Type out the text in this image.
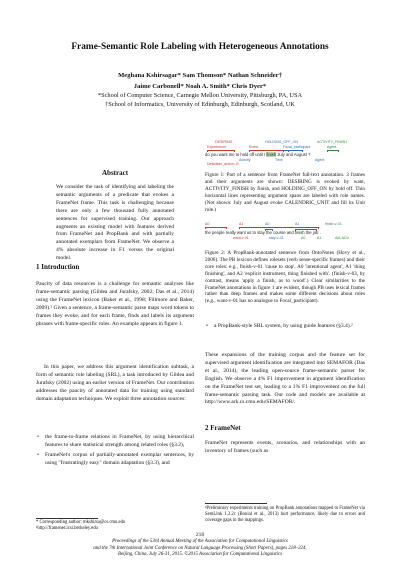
Frame-Semantic Role Labeling with Heterogeneous Annotations
Meghana Kshirsagar* Sam Thomson* Nathan Schneider†
Jaime Carbonell* Noah A. Smith* Chris Dyer*
*School of Computer Science, Carnegie Mellon University, Pittsburgh, PA, USA
†School of Informatics, University of Edinburgh, Edinburgh, Scotland, UK
Abstract
We consider the task of identifying and labeling the semantic arguments of a predicate that evokes a FrameNet frame. This task is challenging because there are only a few thousand fully annotated sentences for supervised training. Our approach augments an existing model with features derived from FrameNet and PropBank and with partially annotated exemplars from FrameNet. We observe a 4% absolute increase in F1 versus the original model.
1 Introduction
Paucity of data resources is a challenge for semantic analyses like frame-semantic parsing (Gildea and Jurafsky, 2002; Das et al., 2014) using the FrameNet lexicon (Baker et al., 1998; Fillmore and Baker, 2009).¹ Given a sentence, a frame-semantic parse maps word tokens to frames they evoke, and for each frame, finds and labels its argument phrases with frame-specific roles. An example appears in figure 1.
In this paper, we address this argument identification subtask, a form of semantic role labeling (SRL), a task introduced by Gildea and Jurafsky (2002) using an earlier version of FrameNet. Our contribution addresses the paucity of annotated data for training using standard domain adaptation techniques. We exploit three annotation sources:
• the frame-to-frame relations in FrameNet, by using hierarchical features to share statistical strength among related roles (§3.2),
• FrameNet's corpus of partially-annotated exemplar sentences, by using "frustratingly easy" domain adaptation (§3.3), and
* Corresponding author: mkshirsa@cs.cmu.edu
¹http://framenet.icsi.berkeley.edu
DESIRING	HOLDING_OFF_ON	ACTIVITY_FINISH
Experiencer	Event	Focal_participant	Agent
do you want me to hold off until I finish July and August ?
Activity	Time
Desirable_action: ∅
Agent
Figure 1: Part of a sentence from FrameNet full-text annotation. 3 frames and their arguments are shown: DESIRING is evoked by want, ACTIVITY_FINISH by finish, and HOLDING_OFF_ON by hold off. Thin horizontal lines representing argument spans are labeled with role names. (Not shown: July and August evoke CALENDRIC_UNIT and fill its Unit role.)
A0	A1	A0	A1	finish-v-01
the people really want us to stay the course and finish the job .
want-v-01	stay-v-01	A0	A1	AM-ADV
Figure 2: A PropBank-annotated sentence from OntoNotes (Hovy et al., 2006). The PB lexicon defines rolesets (verb sense-specific frames) and their core roles: e.g., finish-v-01 'cause to stop', A0 'intentional agent', A1 'thing finishing', and A2 'explicit instrument, thing finished with'. (finish-v-03, by contrast, means 'apply a finish, as to wood'.) Clear similarities to the FrameNet annotations in figure 1 are evident, though PB uses lexical frames rather than deep frames and makes some different decisions about roles (e.g., want-v-01 has no analogue to Focal_participant).
• a PropBank-style SRL system, by using guide features (§3.4).²
These expansions of the training corpus and the feature set for supervised argument identification are integrated into SEMAFOR (Das et al., 2014), the leading open-source frame-semantic parser for English. We observe a 4% F1 improvement in argument identification on the FrameNet test set, leading to a 1% F1 improvement on the full frame-semantic parsing task. Our code and models are available at http://www.ark.cs.cmu.edu/SEMAFOR/.
2 FrameNet
FrameNet represents events, scenarios, and relationships with an inventory of frames (such as
²Preliminary experiments training on PropBank annotations mapped to FrameNet via SemLink 1.2.2c (Bonial et al., 2013) hurt performance, likely due to errors and coverage gaps in the mappings.
218
Proceedings of the 53rd Annual Meeting of the Association for Computational Linguistics
and the 7th International Joint Conference on Natural Language Processing (Short Papers), pages 218–224,
Beijing, China, July 26-31, 2015. ©2015 Association for Computational Linguistics
